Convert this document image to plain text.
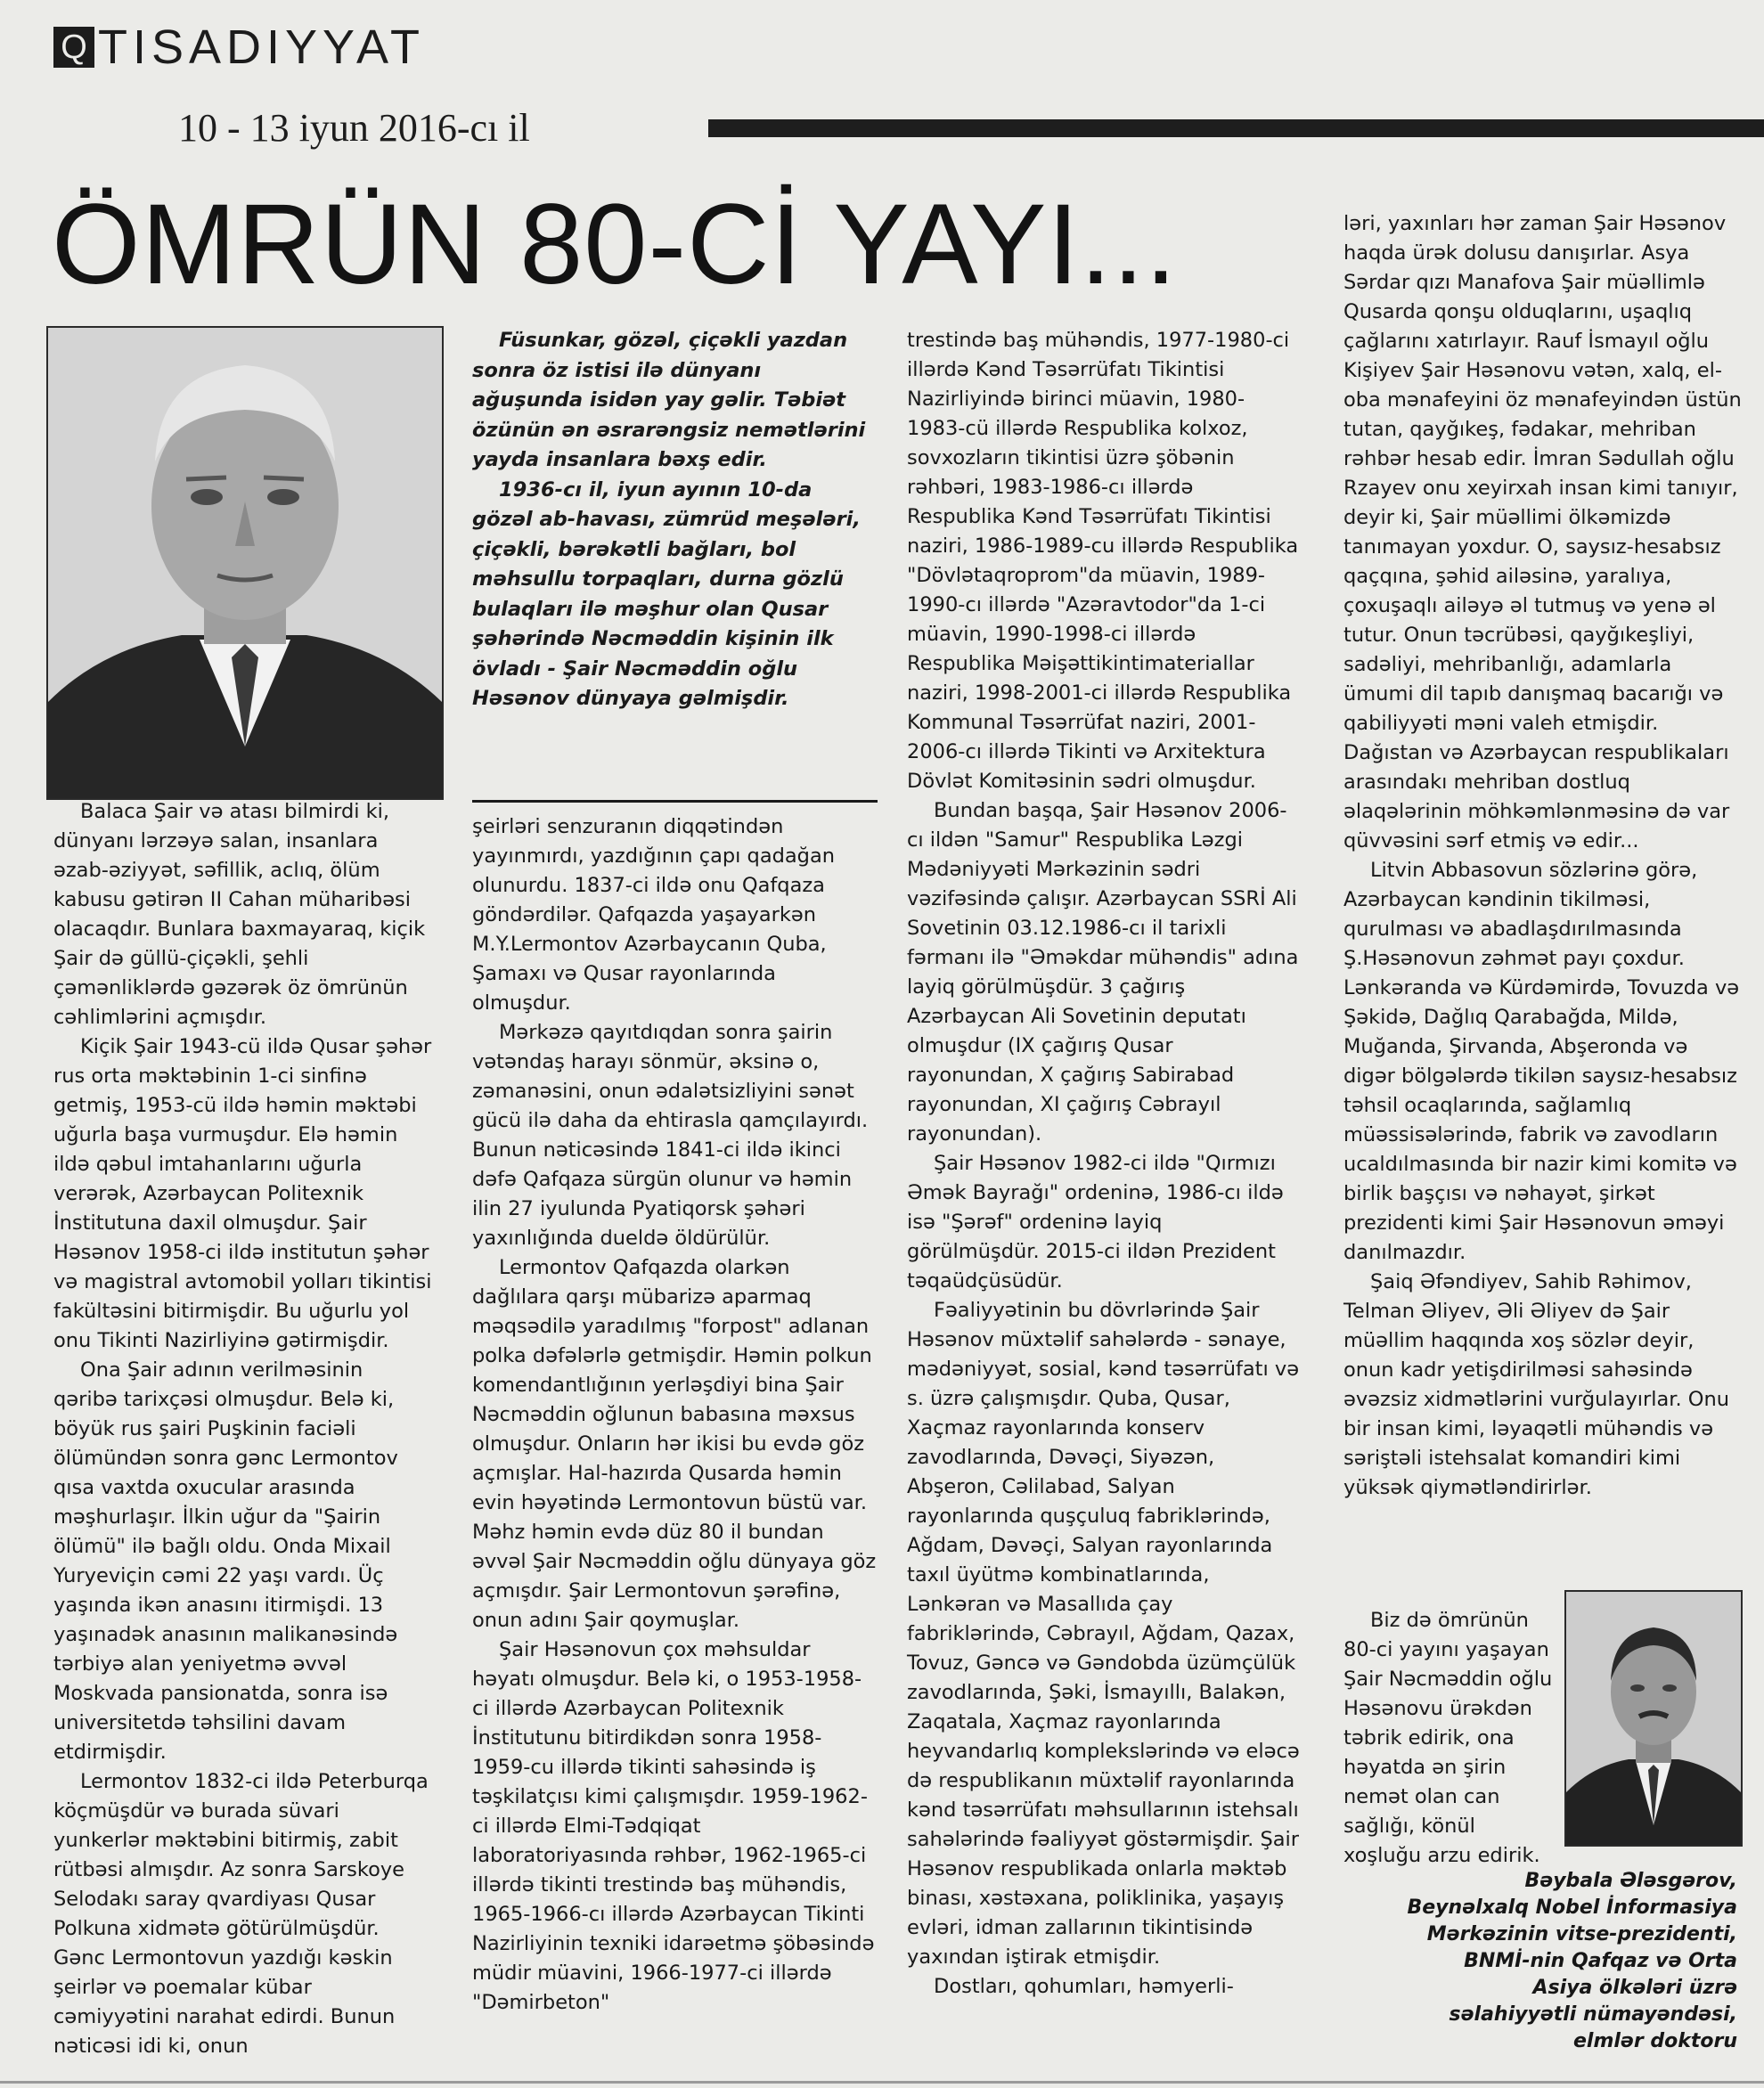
Q TISADIYYAT
10 - 13 iyun 2016-cı il
ÖMRÜN 80-Cİ YAYI...

Füsunkar, gözəl, çiçəkli yazdan sonra öz istisi ilə dünyanı ağuşunda isidən yay gəlir. Təbiət özünün ən əsrarəngsiz nemətlərini yayda insanlara bəxş edir.

1936-cı il, iyun ayının 10-da gözəl ab-havası, zümrüd meşələri, çiçəkli, bərəkətli bağları, bol məhsullu torpaqları, durna gözlü bulaqları ilə məşhur olan Qusar şəhərində Nəcməddin kişinin ilk övladı - Şair Nəcməddin oğlu Həsənov dünyaya gəlmişdir.

Balaca Şair və atası bilmirdi ki, dünyanı lərzəyə salan, insanlara əzab-əziyyət, səfillik, aclıq, ölüm kabusu gətirən II Cahan müharibəsi olacaqdır. Bunlara baxmayaraq, kiçik Şair də güllü-çiçəkli, şehli çəmənliklərdə gəzərək öz ömrünün cəhlimlərini açmışdır.

Kiçik Şair 1943-cü ildə Qusar şəhər rus orta məktəbinin 1-ci sinfinə getmiş, 1953-cü ildə həmin məktəbi uğurla başa vurmuşdur. Elə həmin ildə qəbul imtahanlarını uğurla verərək, Azərbaycan Politexnik İnstitutuna daxil olmuşdur. Şair Həsənov 1958-ci ildə institutun şəhər və magistral avtomobil yolları tikintisi fakültəsini bitirmişdir. Bu uğurlu yol onu Tikinti Nazirliyinə gətirmişdir.

Ona Şair adının verilməsinin qəribə tarixçəsi olmuşdur. Belə ki, böyük rus şairi Puşkinin faciəli ölümündən sonra gənc Lermontov qısa vaxtda oxucular arasında məşhurlaşır. İlkin uğur da "Şairin ölümü" ilə bağlı oldu. Onda Mixail Yuryeviçin cəmi 22 yaşı vardı. Üç yaşında ikən anasını itirmişdi. 13 yaşınadək anasının malikanəsində tərbiyə alan yeniyetmə əvvəl Moskvada pansionatda, sonra isə universitetdə təhsilini davam etdirmişdir.

Lermontov 1832-ci ildə Peterburqa köçmüşdür və burada süvari yunkerlər məktəbini bitirmiş, zabit rütbəsi almışdır. Az sonra Sarskoye Selodakı saray qvardiyası Qusar Polkuna xidmətə götürülmüşdür. Gənc Lermontovun yazdığı kəskin şeirlər və poemalar kübar cəmiyyətini narahat edirdi. Bunun nəticəsi idi ki, onun

şeirləri senzuranın diqqətindən yayınmırdı, yazdığının çapı qadağan olunurdu. 1837-ci ildə onu Qafqaza göndərdilər. Qafqazda yaşayarkən M.Y.Lermontov Azərbaycanın Quba, Şamaxı və Qusar rayonlarında olmuşdur.

Mərkəzə qayıtdıqdan sonra şairin vətəndaş harayı sönmür, əksinə o, zəmanəsini, onun ədalətsizliyini sənət gücü ilə daha da ehtirasla qamçılayırdı. Bunun nəticəsində 1841-ci ildə ikinci dəfə Qafqaza sürgün olunur və həmin ilin 27 iyulunda Pyatiqorsk şəhəri yaxınlığında dueldə öldürülür.

Lermontov Qafqazda olarkən dağlılara qarşı mübarizə aparmaq məqsədilə yaradılmış "forpost" adlanan polka dəfələrlə getmişdir. Həmin polkun komendantlığının yerləşdiyi bina Şair Nəcməddin oğlunun babasına məxsus olmuşdur. Onların hər ikisi bu evdə göz açmışlar. Hal-hazırda Qusarda həmin evin həyətində Lermontovun büstü var. Məhz həmin evdə düz 80 il bundan əvvəl Şair Nəcməddin oğlu dünyaya göz açmışdır. Şair Lermontovun şərəfinə, onun adını Şair qoymuşlar.

Şair Həsənovun çox məhsuldar həyatı olmuşdur. Belə ki, o 1953-1958-ci illərdə Azərbaycan Politexnik İnstitutunu bitirdikdən sonra 1958-1959-cu illərdə tikinti sahəsində iş təşkilatçısı kimi çalışmışdır. 1959-1962-ci illərdə Elmi-Tədqiqat laboratoriyasında rəhbər, 1962-1965-ci illərdə tikinti trestində baş mühəndis, 1965-1966-cı illərdə Azərbaycan Tikinti Nazirliyinin texniki idarəetmə şöbəsində müdir müavini, 1966-1977-ci illərdə "Dəmirbeton"

trestində baş mühəndis, 1977-1980-ci illərdə Kənd Təsərrüfatı Tikintisi Nazirliyində birinci müavin, 1980-1983-cü illərdə Respublika kolxoz, sovxozların tikintisi üzrə şöbənin rəhbəri, 1983-1986-cı illərdə Respublika Kənd Təsərrüfatı Tikintisi naziri, 1986-1989-cu illərdə Respublika "Dövlətaqroprom"da müavin, 1989-1990-cı illərdə "Azəravtodor"da 1-ci müavin, 1990-1998-ci illərdə Respublika Məişəttikintimateriallar naziri, 1998-2001-ci illərdə Respublika Kommunal Təsərrüfat naziri, 2001-2006-cı illərdə Tikinti və Arxitektura Dövlət Komitəsinin sədri olmuşdur.

Bundan başqa, Şair Həsənov 2006-cı ildən "Samur" Respublika Ləzgi Mədəniyyəti Mərkəzinin sədri vəzifəsində çalışır. Azərbaycan SSRİ Ali Sovetinin 03.12.1986-cı il tarixli fərmanı ilə "Əməkdar mühəndis" adına layiq görülmüşdür. 3 çağırış Azərbaycan Ali Sovetinin deputatı olmuşdur (IX çağırış Qusar rayonundan, X çağırış Sabirabad rayonundan, XI çağırış Cəbrayıl rayonundan).

Şair Həsənov 1982-ci ildə "Qırmızı Əmək Bayrağı" ordeninə, 1986-cı ildə isə "Şərəf" ordeninə layiq görülmüşdür. 2015-ci ildən Prezident təqaüdçüsüdür.

Fəaliyyətinin bu dövrlərində Şair Həsənov müxtəlif sahələrdə - sənaye, mədəniyyət, sosial, kənd təsərrüfatı və s. üzrə çalışmışdır. Quba, Qusar, Xaçmaz rayonlarında konserv zavodlarında, Dəvəçi, Siyəzən, Abşeron, Cəlilabad, Salyan rayonlarında quşçuluq fabriklərində, Ağdam, Dəvəçi, Salyan rayonlarında taxıl üyütmə kombinatlarında, Lənkəran və Masallıda çay fabriklərində, Cəbrayıl, Ağdam, Qazax, Tovuz, Gəncə və Gəndobda üzümçülük zavodlarında, Şəki, İsmayıllı, Balakən, Zaqatala, Xaçmaz rayonlarında heyvandarlıq komplekslərində və eləcə də respublikanın müxtəlif rayonlarında kənd təsərrüfatı məhsullarının istehsalı sahələrində fəaliyyət göstərmişdir. Şair Həsənov respublikada onlarla məktəb binası, xəstəxana, poliklinika, yaşayış evləri, idman zallarının tikintisində yaxından iştirak etmişdir.

Dostları, qohumları, həmyerli-

ləri, yaxınları hər zaman Şair Həsənov haqda ürək dolusu danışırlar. Asya Sərdar qızı Manafova Şair müəllimlə Qusarda qonşu olduqlarını, uşaqlıq çağlarını xatırlayır. Rauf İsmayıl oğlu Kişiyev Şair Həsənovu vətən, xalq, el-oba mənafeyini öz mənafeyindən üstün tutan, qayğıkeş, fədakar, mehriban rəhbər hesab edir. İmran Sədullah oğlu Rzayev onu xeyirxah insan kimi tanıyır, deyir ki, Şair müəllimi ölkəmizdə tanımayan yoxdur. O, saysız-hesabsız qaçqına, şəhid ailəsinə, yaralıya, çoxuşaqlı ailəyə əl tutmuş və yenə əl tutur. Onun təcrübəsi, qayğıkeşliyi, sadəliyi, mehribanlığı, adamlarla ümumi dil tapıb danışmaq bacarığı və qabiliyyəti məni valeh etmişdir. Dağıstan və Azərbaycan respublikaları arasındakı mehriban dostluq əlaqələrinin möhkəmlənməsinə də var qüvvəsini sərf etmiş və edir...

Litvin Abbasovun sözlərinə görə, Azərbaycan kəndinin tikilməsi, qurulması və abadlaşdırılmasında Ş.Həsənovun zəhmət payı çoxdur. Lənkəranda və Kürdəmirdə, Tovuzda və Şəkidə, Dağlıq Qarabağda, Mildə, Muğanda, Şirvanda, Abşeronda və digər bölgələrdə tikilən saysız-hesabsız təhsil ocaqlarında, sağlamlıq müəssisələrində, fabrik və zavodların ucaldılmasında bir nazir kimi komitə və birlik başçısı və nəhayət, şirkət prezidenti kimi Şair Həsənovun əməyi danılmazdır.

Şaiq Əfəndiyev, Sahib Rəhimov, Telman Əliyev, Əli Əliyev də Şair müəllim haqqında xoş sözlər deyir, onun kadr yetişdirilməsi sahəsində əvəzsiz xidmətlərini vurğulayırlar. Onu bir insan kimi, ləyaqətli mühəndis və səriştəli istehsalat komandiri kimi yüksək qiymətləndirirlər.

Biz də ömrünün 80-ci yayını yaşayan Şair Nəcməddin oğlu Həsənovu ürəkdən təbrik edirik, ona həyatda ən şirin nemət olan can sağlığı, könül xoşluğu arzu edirik.

Bəybala Ələsgərov,

Beynəlxalq Nobel İnformasiya

Mərkəzinin vitse-prezidenti,

BNMİ-nin Qafqaz və Orta

Asiya ölkələri üzrə

səlahiyyətli nümayəndəsi,

elmlər doktoru
